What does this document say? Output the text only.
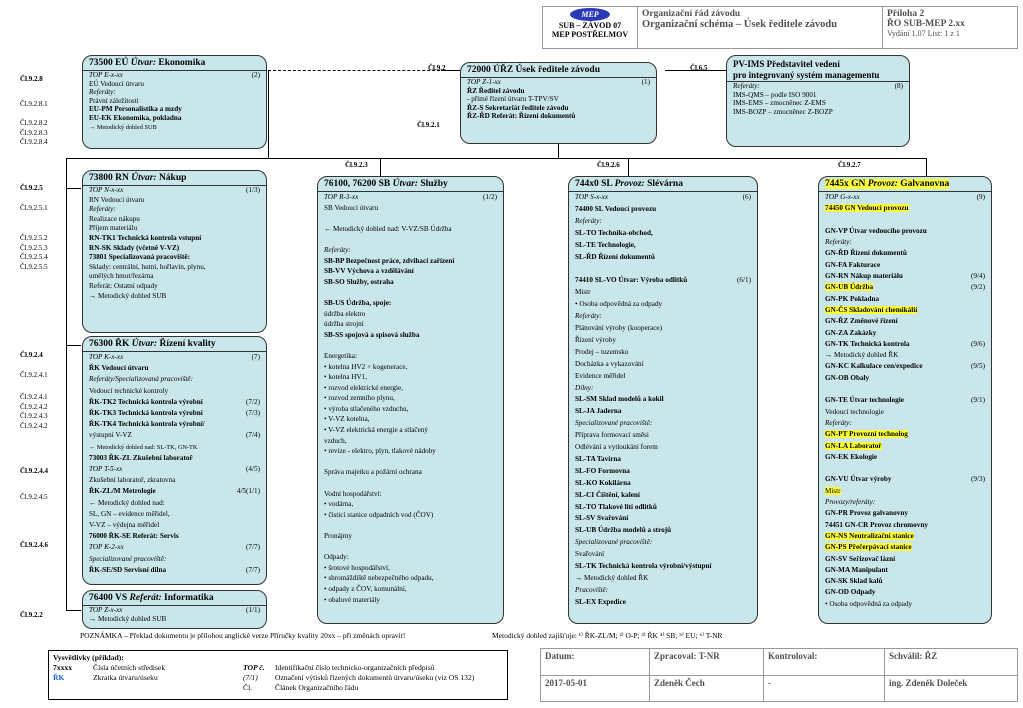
MEP
SUB – ZÁVOD 07
MEP POSTŘELMOV

Organizační řád závodu
Organizační schéma – Úsek ředitele závodu

Příloha 2
ŘO SUB-MEP 2.xx
Vydání 1.07 List: 1 z 1
Čl.9.2
Čl.9.2.1
Čl.6.5
Čl.9.2.3	Čl.9.2.6	Čl.9.2.7
Čl.9.2.8
Čl.9.2.8.1
Čl.9.2.8.2
Čl.9.2.8.3
Čl.9.2.8.4
Čl.9.2.5
Čl.9.2.5.1
Čl.9.2.5.2
Čl.9.2.5.3
Čl.9.2.5.4
Čl.9.2.5.5
Čl.9.2.4
Čl.9.2.4.1
Čl.9.2.4.1
Čl.9.2.4.2
Čl.9.2.4.3
Čl.9.2.4.2
Čl.9.2.4.4
Čl.9.2.4.5
Čl.9.2.4.6
Čl.9.2.2
73500 EÚ Útvar: Ekonomika
TOP E-x-xx	(2)
EÚ Vedoucí útvaru
Referáty:
Právní záležitosti
EU-PM Personalistika a mzdy
EU-EK Ekonomika, pokladna
→ Metodický dohled SUB
72000 ÚŘZ Úsek ředitele závodu
TOP Z-1-xx	(1)
ŘZ Ředitel závodu
- přímé řízení útvaru T-TPV/SV
ŘZ-S Sekretariát ředitele závodu
ŘZ-ŘD Referát: Řízení dokumentů
PV-IMS Představitel vedení
pro integrovaný systém managementu
(8)
Referáty:
IMS-QMS – podle ISO 9001
IMS-EMS – zmocněnec Z-EMS
IMS-BOZP – zmocněnec Z-BOZP
73800 RN Útvar: Nákup
TOP N-x-xx	(1/3)
RN Vedoucí útvaru
Referáty:
Realizace nákupu
Příjem materiálu
RN-TK1 Technická kontrola vstupní
RN-SK Sklady (včetně V-VZ)
73801 Specializovaná pracoviště:
Sklady: centrální, hutní, hořlavin, plynu,
umělých hmot/řezárna
Referát: Ostatní odpady
→ Metodický dohled SUB
76300 ŘK Útvar: Řízení kvality
TOP K-x-xx	(7)
ŘK Vedoucí útvaru
Referáty/Specializovaná pracoviště:
Vedoucí technické kontroly
ŘK-TK2 Technická kontrola výrobní	(7/2)
ŘK-TK3 Technická kontrola výrobní	(7/3)
ŘK-TK4 Technická kontrola výrobní/
výstupní V-VZ	(7/4)
← Metodický dohled nad: SL-TK, GN-TK
73003 ŘK-ZL Zkušební laboratoř
TOP T-5-xx	(4/5)
Zkušební laboratoř, zkratovna
ŘK-ZL/M Metrologie	4/5(1/1)
← Metodický dohled nad:
SL, GN – evidence měřidel,
V-VZ – výdejna měřidel
76000 ŘK-SE Referát: Servis
TOP K-2-xx	(7/7)
Specializované pracoviště:
ŘK-SE/SD Servisní dílna	(7/7)
76400 VS Referát: Informatika
TOP Z-x-xx	(1/1)
→ Metodický dohled SUB
76100, 76200 SB Útvar: Služby
TOP R-3-xx	(1/2)
SB Vedoucí útvaru

← Metodický dohled nad: V-VZ/SB Údržba

Referáty:
SB-BP Bezpečnost práce, zdvihací zařízení
SB-VV Výchova a vzdělávání
SB-SO Služby, ostraha

SB-US Údržba, spoje:
údržba elektro
údržba strojní
SB-SS spojová a spisová služba

Energetika:
• kotelna HV2 + kogenerace,
• kotelna HV1,
• rozvod elektrické energie,
• rozvod zemního plynu,
• výroba stlačeného vzduchu,
• V-VZ kotelna,
• V-VZ elektrická energie a stlačený
vzduch,
• revize - elektro, plyn, tlakové nádoby

Správa majetku a požární ochrana

Vodní hospodářství:
• vodárna,
• čisticí stanice odpadních vod (ČOV)

Pronájmy

Odpady:
• šrotové hospodářství,
• shromáždiště nebezpečného odpadu,
• odpady z ČOV, komunální,
• obalové materiály
744x0 SL Provoz: Slévárna
TOP S-x-xx	(6)
74400 SL Vedoucí provozu
Referáty:
SL-TO Technika-obchod,
SL-TE Technologie,
SL-ŘD Řízení dokumentů

74410 SL-VO Útvar: Výroba odlitků	(6/1)
Mistr
• Osoba odpovědná za odpady
Referáty:
Plánování výroby (kooperace)
Řízení výroby
Prodej – tuzemsko
Docházka a vykazování
Evidence měřidel
Dílny:
SL-SM Sklad modelů a kokil
SL-JA Jaderna
Specializované pracoviště:
Příprava formovací směsi
Odlévání a vytloukání forem
SL-TA Tavírna
SL-FO Formovna
SL-KO Kokilárna
SL-CI Čištění, kalení
SL-TO Tlakové lití odlitků
SL-SV Svařování
SL-UB Údržba modelů a strojů
Specializované pracoviště:
Svařování
SL-TK Technická kontrola výrobní/výstupní
→ Metodický dohled ŘK
Pracoviště:
SL-EX Expedice
7445x GN Provoz: Galvanovna
TOP G-x-xx	(9)
74450 GN Vedoucí provozu

GN-VP Útvar vedoucího provozu
Referáty:
GN-ŘD Řízení dokumentů
GN-FA Fakturace
GN-RN Nákup materiálu	(9/4)
GN-UB Údržba	(9/2)
GN-PK Pokladna
GN-ČS Skladování chemikálií
GN-ŘZ Změnové řízení
GN-ZA Zakázky
GN-TK Technická kontrola	(9/6)
→ Metodický dohled ŘK
GN-KC Kalkulace cen/expedice	(9/5)
GN-OB Obaly

GN-TE Útvar technologie	(9/1)
Vedoucí technologie
Referáty:
GN-PT Provozní technolog
GN-LA Laboratoř
GN-EK Ekologie

GN-VU Útvar výroby	(9/3)
Mistr
Provozy/referáty:
GN-PR Provoz galvanovny
74451 GN-CR Provoz chromovny
GN-NS Neutralizační stanice
GN-PS Přečerpávací stanice
GN-SV Seřizovač lázní
GN-MA Manipulant
GN-SK Sklad kalů
GN-OD Odpady
• Osoba odpovědná za odpady
POZNÁMKA – Překlad dokumentu je přílohou anglické verze Příručky kvality 20xx – při změnách opravit!	Metodický dohled zajišťuje: ¹⁾ ŘK-ZL/M; ²⁾ O-P; ³⁾ ŘK ⁴⁾ SB; ⁵⁾ EU; ⁶⁾ T-NR
Vysvětlivky (příklad):
7xxxx	Čísla účetních středisek	TOP č. Identifikační číslo technicko-organizačních předpisů
ŘK	Zkratka útvaru/úseku	(7/1) Označení výtisků řízených dokumentů útvaru/úseku (viz OS 132)
Čl.	Článek Organizačního řádu
Datum:	Zpracoval: T-NR	Kontroloval:	Schválil: ŘZ
2017-05-01	Zdeněk Čech	-	ing. Zdeněk Doleček
